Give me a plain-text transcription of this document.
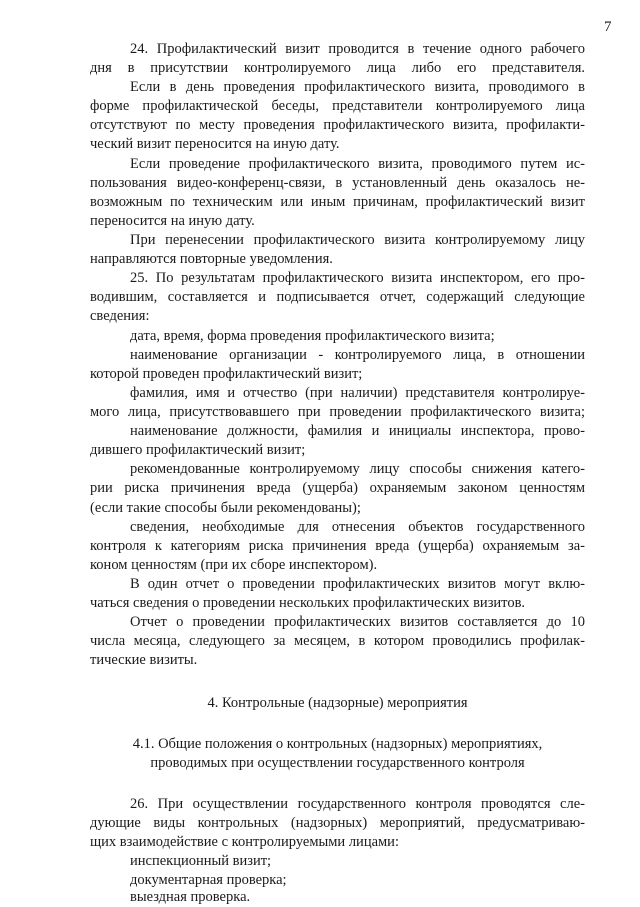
7
24. Профилактический визит проводится в течение одного рабочего
дня в присутствии контролируемого лица либо его представителя.
Если в день проведения профилактического визита, проводимого в
форме профилактической беседы, представители контролируемого лица
отсутствуют по месту проведения профилактического визита, профилакти-
ческий визит переносится на иную дату.
Если проведение профилактического визита, проводимого путем ис-
пользования видео-конференц-связи, в установленный день оказалось не-
возможным по техническим или иным причинам, профилактический визит
переносится на иную дату.
При перенесении профилактического визита контролируемому лицу
направляются повторные уведомления.
25. По результатам профилактического визита инспектором, его про-
водившим, составляется и подписывается отчет, содержащий следующие
сведения:
дата, время, форма проведения профилактического визита;
наименование организации - контролируемого лица, в отношении
которой проведен профилактический визит;
фамилия, имя и отчество (при наличии) представителя контролируе-
мого лица, присутствовавшего при проведении профилактического визита;
наименование должности, фамилия и инициалы инспектора, прово-
дившего профилактический визит;
рекомендованные контролируемому лицу способы снижения катего-
рии риска причинения вреда (ущерба) охраняемым законом ценностям
(если такие способы были рекомендованы);
сведения, необходимые для отнесения объектов государственного
контроля к категориям риска причинения вреда (ущерба) охраняемым за-
коном ценностям (при их сборе инспектором).
В один отчет о проведении профилактических визитов могут вклю-
чаться сведения о проведении нескольких профилактических визитов.
Отчет о проведении профилактических визитов составляется до 10
числа месяца, следующего за месяцем, в котором проводились профилак-
тические визиты.
4. Контрольные (надзорные) мероприятия
4.1. Общие положения о контрольных (надзорных) мероприятиях,
проводимых при осуществлении государственного контроля
26. При осуществлении государственного контроля проводятся сле-
дующие виды контрольных (надзорных) мероприятий, предусматриваю-
щих взаимодействие с контролируемыми лицами:
инспекционный визит;
документарная проверка;
выездная проверка.
